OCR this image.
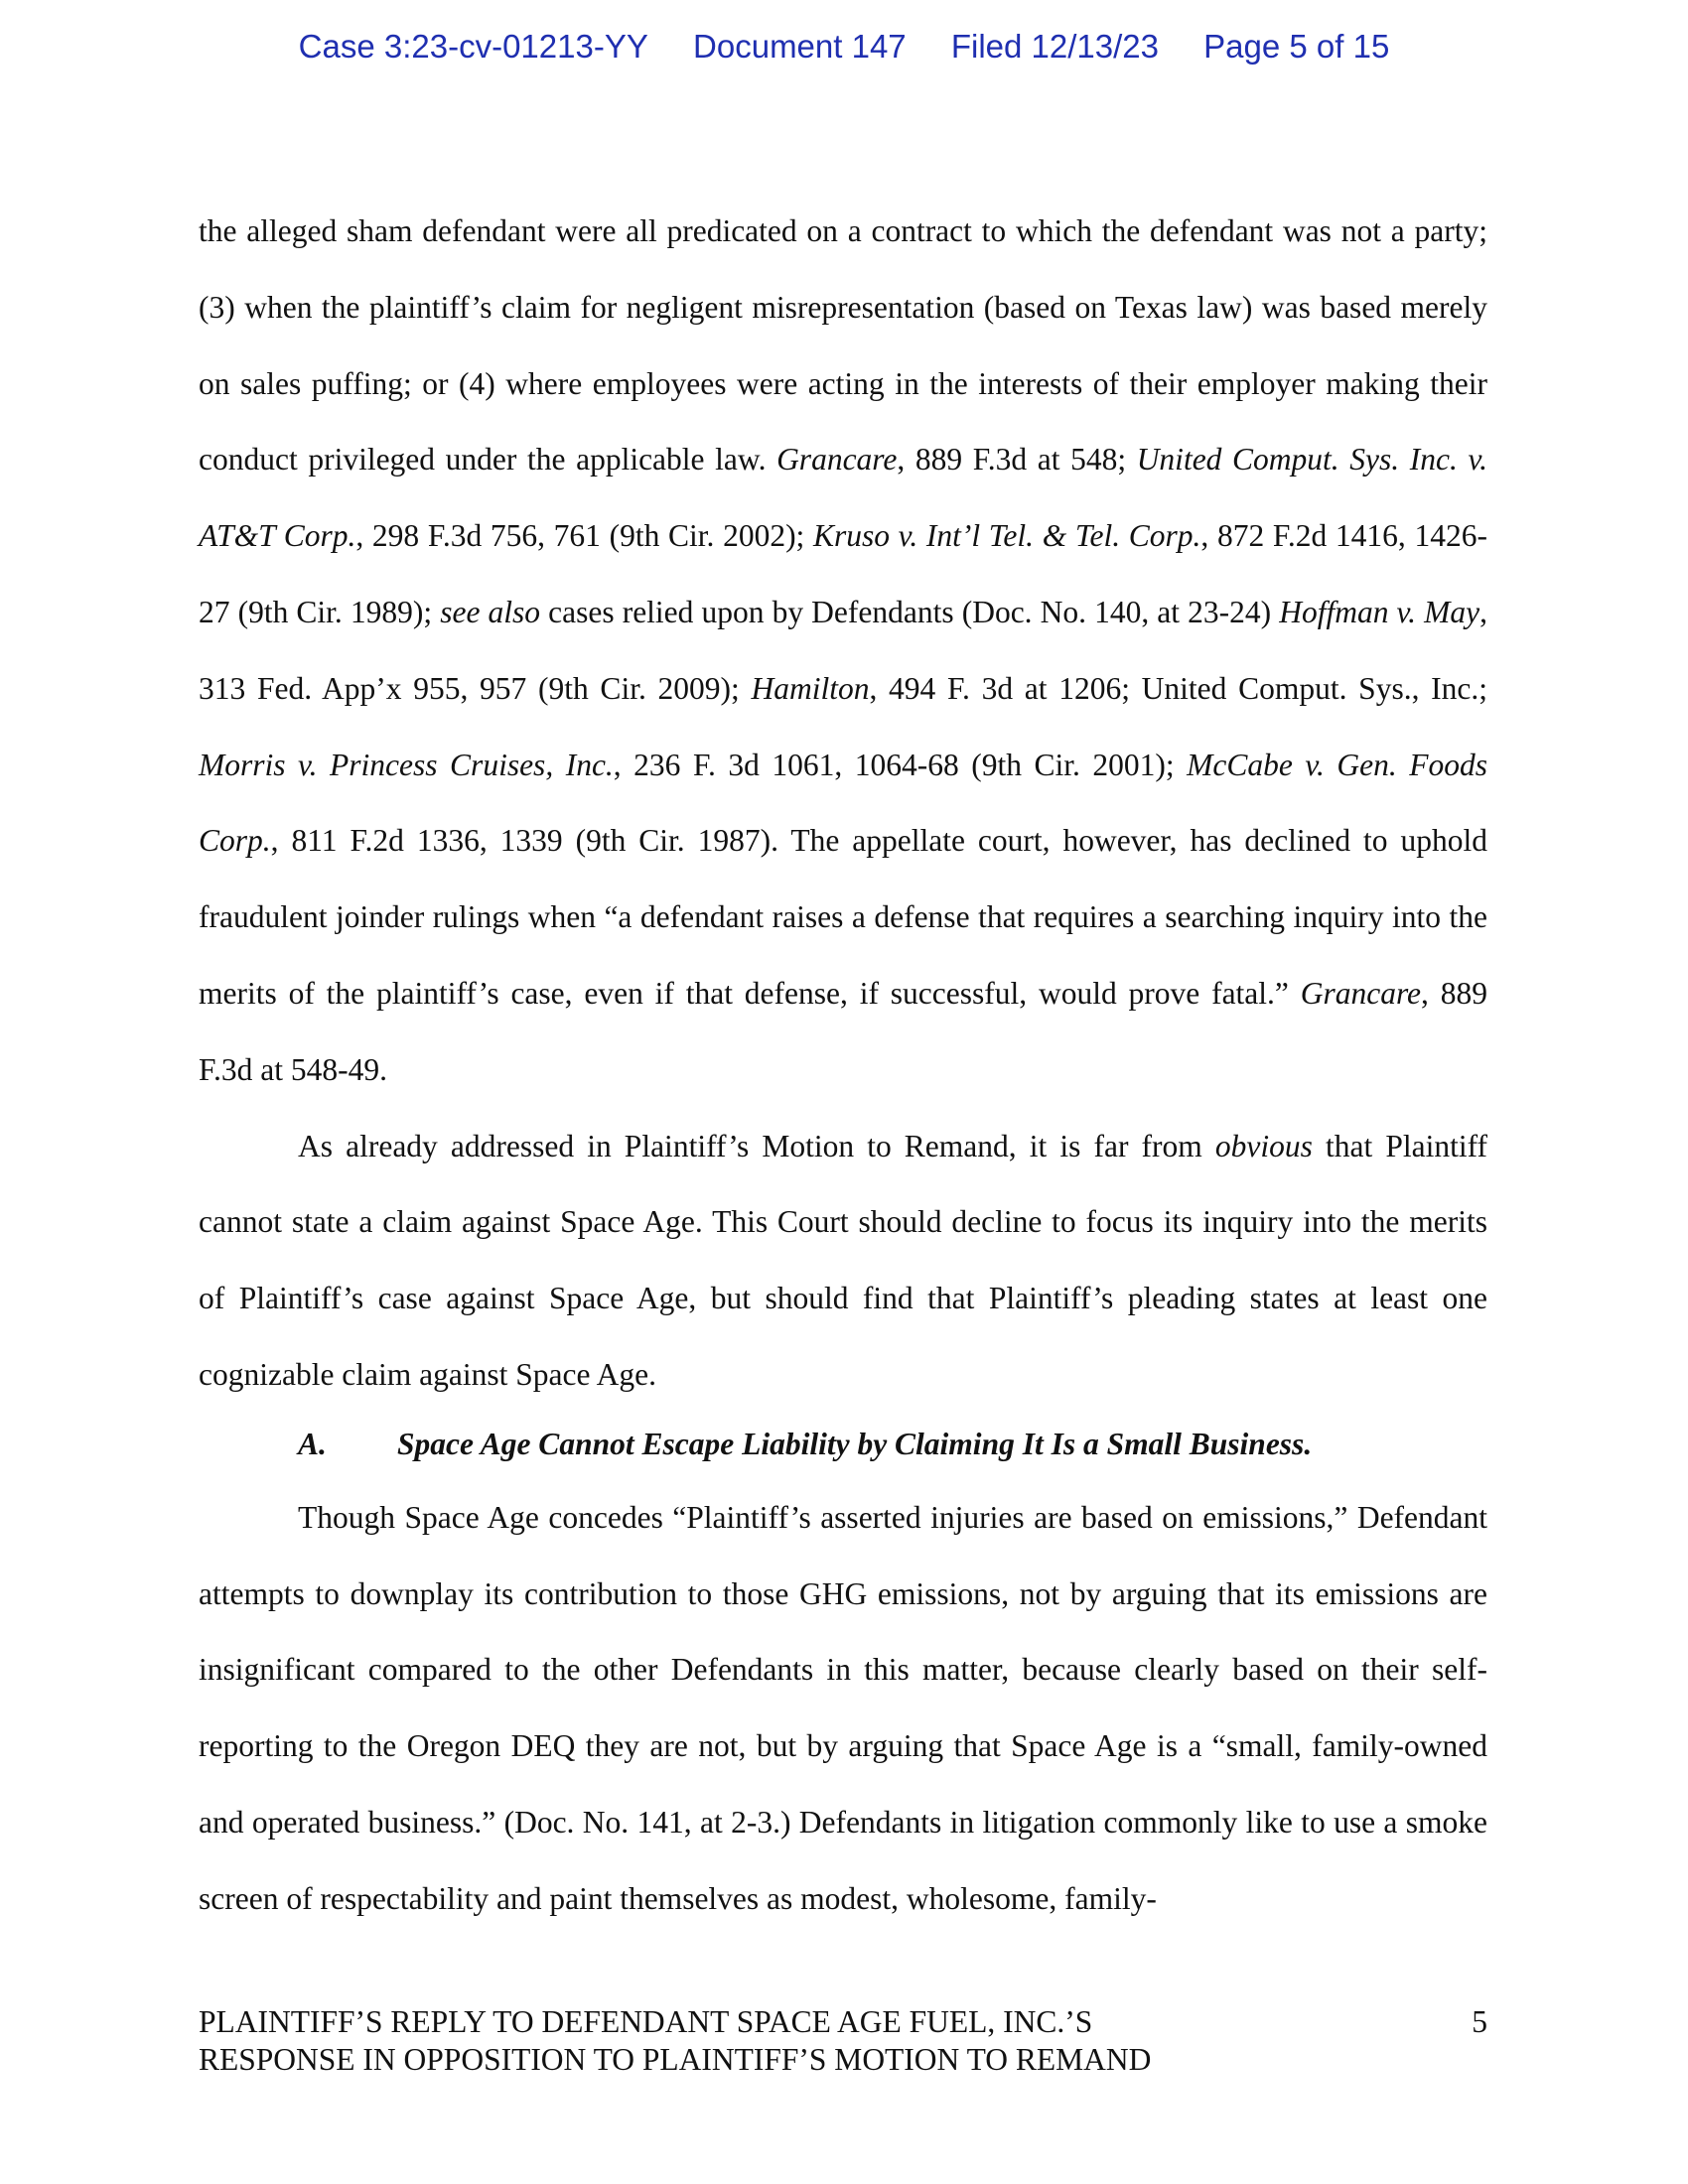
Case 3:23-cv-01213-YY Document 147 Filed 12/13/23 Page 5 of 15

the alleged sham defendant were all predicated on a contract to which the defendant was not a party; (3) when the plaintiff’s claim for negligent misrepresentation (based on Texas law) was based merely on sales puffing; or (4) where employees were acting in the interests of their employer making their conduct privileged under the applicable law. Grancare, 889 F.3d at 548; United Comput. Sys. Inc. v. AT&T Corp., 298 F.3d 756, 761 (9th Cir. 2002); Kruso v. Int’l Tel. & Tel. Corp., 872 F.2d 1416, 1426-27 (9th Cir. 1989); see also cases relied upon by Defendants (Doc. No. 140, at 23-24) Hoffman v. May, 313 Fed. App’x 955, 957 (9th Cir. 2009); Hamilton, 494 F. 3d at 1206; United Comput. Sys., Inc.; Morris v. Princess Cruises, Inc., 236 F. 3d 1061, 1064-68 (9th Cir. 2001); McCabe v. Gen. Foods Corp., 811 F.2d 1336, 1339 (9th Cir. 1987). The appellate court, however, has declined to uphold fraudulent joinder rulings when “a defendant raises a defense that requires a searching inquiry into the merits of the plaintiff’s case, even if that defense, if successful, would prove fatal.” Grancare, 889 F.3d at 548-49.

As already addressed in Plaintiff’s Motion to Remand, it is far from obvious that Plaintiff cannot state a claim against Space Age. This Court should decline to focus its inquiry into the merits of Plaintiff’s case against Space Age, but should find that Plaintiff’s pleading states at least one cognizable claim against Space Age.

A. Space Age Cannot Escape Liability by Claiming It Is a Small Business.

Though Space Age concedes “Plaintiff’s asserted injuries are based on emissions,” Defendant attempts to downplay its contribution to those GHG emissions, not by arguing that its emissions are insignificant compared to the other Defendants in this matter, because clearly based on their self-reporting to the Oregon DEQ they are not, but by arguing that Space Age is a “small, family-owned and operated business.” (Doc. No. 141, at 2-3.) Defendants in litigation commonly like to use a smoke screen of respectability and paint themselves as modest, wholesome, family-

PLAINTIFF’S REPLY TO DEFENDANT SPACE AGE FUEL, INC.’S
RESPONSE IN OPPOSITION TO PLAINTIFF’S MOTION TO REMAND
5
